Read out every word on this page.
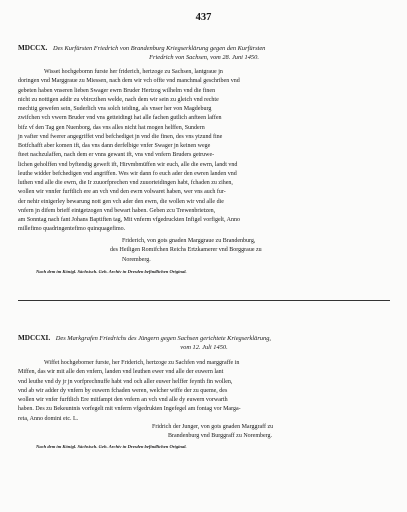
437
MDCCX. Des Kurfürsten Friedrich von Brandenburg Kriegserklärung gegen den Kurfürsten
Friedrich von Sachsen, vom 28. Juni 1450.
Wisset hochgebornn furste her friderich, hertzoge zu Sachsen, lantgraue jn
doringen vnd Marggraue zu Miessen, nach dem wir vch offte vnd manchmal geschriben vnd
gebeten haben vnseren lieben Swager ewrn Bruder Hertzog wilhelm vnd die finen
nicht zu nottigen addir zu vbirczihen welde, nach dem wir sein zu gleich vnd rechte
mechtig gewefen sein, Suderlich vns solch teiding, als vnser her von Magdeburg
zwifchen vch vwern Bruder vnd vns getteidingt hat alle fachen gutlich anfteen laffen
bifz vf den Tag gen Nuenborg, das vns alles nicht hat mogen helffen, Sundern
jn vafter vnd fwerer angegriffet vnd befchediget jn vnd die finen, des vns ytzund fine
Botfchafft aber komen ift, das vns dann derfelbige vnfer Swager jn keinen wege
fteet nachzulaffen, nach dem er vnns gewant ift, vns vnd vnfern Bruders getruwe-
lichen geholffen vnd byftendig geweft ift, Hirvmbmüffen wir euch, alle die ewrn, landt vnd
leuthe widder befchedigen vnd angriffen. Wes wir dann fo euch ader den ewren landen vnd
luthen vnd alle die ewrn, die Ir zuuorfprechen vnd zuuorteidingen habt, fchaden zu zihen,
wollen wir vnnfer furftlich ere an vch vnd den ewrn volwaret haben, wer vns auch fur-
der nehir einigerley bewarung nott gen vch ader den ewrn, die wollen wir vnd alle die
vnfern jn difem brieff eintgetzogen vnd bewart haben. Geben zcu Trewenbrietzen,
am Sonntag nach fant Johans Baptiften tag, Mit vnferm vfgedruckten Infigel vorfigelt, Anno
millefimo quadringentefimo quinquagefimo.
Friderich, von gots gnaden Marggraue zu Brandenburg,
des Heiligen Romifchen Reichs Ertzkamerer vnd Borggraue zu
Noremberg.
Nach dem im Königl. Sächsisch. Geh. Archiv in Dresden befindlichen Original.
MDCCXI. Des Markgrafen Friedrichs des Jüngern gegen Sachsen gerichtete Kriegserklärung,
vom 12. Juli 1450.
Wiffet hochgeborner furste, her Friderich, hertzoge zu Sachfen vnd marggraffe in
Miffen, das wir mit alle den vnfern, landen vnd leuthen ewer vnd alle der euwern lant
vnd leuthe vnd dy jr jn vorfprechnuffe habt vnd och aller euwer helffer feynth fin wollen,
vnd ab wir adder dy vnfern by euwern fchaden weren, welcher wiffe der zu queme, des
wollen wir vnfer furftlich Ere mitfampt den vnfern an vch vnd alle dy euwern vorwarth
haben. Des zu Bekeuntnis vorfegelt mit vnferm vfgedrukten Ingefegel am fontag vor Marga-
reta, Anno domini etc. L.
Fridrich der Junger, von gots gnaden Marggraff zu
Brandenburg vnd Burggraff zu Noremberg.
Nach dem im Königl. Sächsisch. Geh. Archiv in Dresden befindlichen Original.
